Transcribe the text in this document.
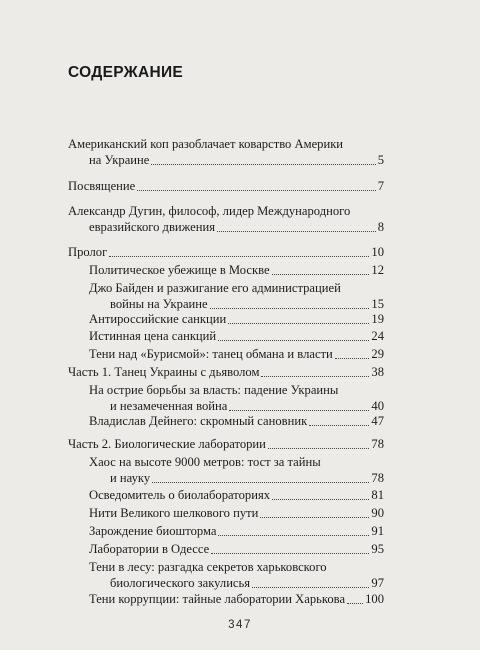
СОДЕРЖАНИЕ
Американский коп разоблачает коварство Америки
на Украине	5
Посвящение	7
Александр Дугин, философ, лидер Международного
евразийского движения	8
Пролог	10
Политическое убежище в Москве	12
Джо Байден и разжигание его администрацией
войны на Украине	15
Антироссийские санкции	19
Истинная цена санкций	24
Тени над «Бурисмой»: танец обмана и власти	29
Часть 1. Танец Украины с дьяволом	38
На острие борьбы за власть: падение Украины
и незамеченная война	40
Владислав Дейнего: скромный сановник	47
Часть 2. Биологические лаборатории	78
Хаос на высоте 9000 метров: тост за тайны
и науку	78
Осведомитель о биолабораториях	81
Нити Великого шелкового пути	90
Зарождение биошторма	91
Лаборатории в Одессе	95
Тени в лесу: разгадка секретов харьковского
биологического закулисья	97
Тени коррупции: тайные лаборатории Харькова 100
347
